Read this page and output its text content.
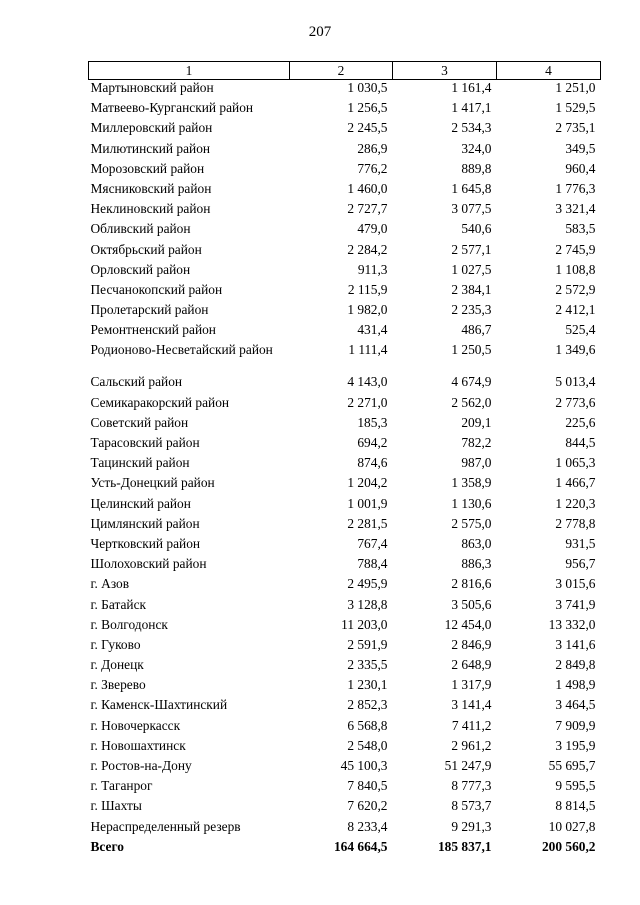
207
1	2	3	4
Мартыновский район	1 030,5	1 161,4	1 251,0
Матвеево-Курганский район	1 256,5	1 417,1	1 529,5
Миллеровский район	2 245,5	2 534,3	2 735,1
Милютинский район	286,9	324,0	349,5
Морозовский район	776,2	889,8	960,4
Мясниковский район	1 460,0	1 645,8	1 776,3
Неклиновский район	2 727,7	3 077,5	3 321,4
Обливский район	479,0	540,6	583,5
Октябрьский район	2 284,2	2 577,1	2 745,9
Орловский район	911,3	1 027,5	1 108,8
Песчанокопский район	2 115,9	2 384,1	2 572,9
Пролетарский район	1 982,0	2 235,3	2 412,1
Ремонтненский район	431,4	486,7	525,4
Родионово-Несветайский район	1 111,4	1 250,5	1 349,6
Сальский район	4 143,0	4 674,9	5 013,4
Семикаракорский район	2 271,0	2 562,0	2 773,6
Советский район	185,3	209,1	225,6
Тарасовский район	694,2	782,2	844,5
Тацинский район	874,6	987,0	1 065,3
Усть-Донецкий район	1 204,2	1 358,9	1 466,7
Целинский район	1 001,9	1 130,6	1 220,3
Цимлянский район	2 281,5	2 575,0	2 778,8
Чертковский район	767,4	863,0	931,5
Шолоховский район	788,4	886,3	956,7
г. Азов	2 495,9	2 816,6	3 015,6
г. Батайск	3 128,8	3 505,6	3 741,9
г. Волгодонск	11 203,0	12 454,0	13 332,0
г. Гуково	2 591,9	2 846,9	3 141,6
г. Донецк	2 335,5	2 648,9	2 849,8
г. Зверево	1 230,1	1 317,9	1 498,9
г. Каменск-Шахтинский	2 852,3	3 141,4	3 464,5
г. Новочеркасск	6 568,8	7 411,2	7 909,9
г. Новошахтинск	2 548,0	2 961,2	3 195,9
г. Ростов-на-Дону	45 100,3	51 247,9	55 695,7
г. Таганрог	7 840,5	8 777,3	9 595,5
г. Шахты	7 620,2	8 573,7	8 814,5
Нераспределенный резерв	8 233,4	9 291,3	10 027,8
Всего	164 664,5	185 837,1	200 560,2
